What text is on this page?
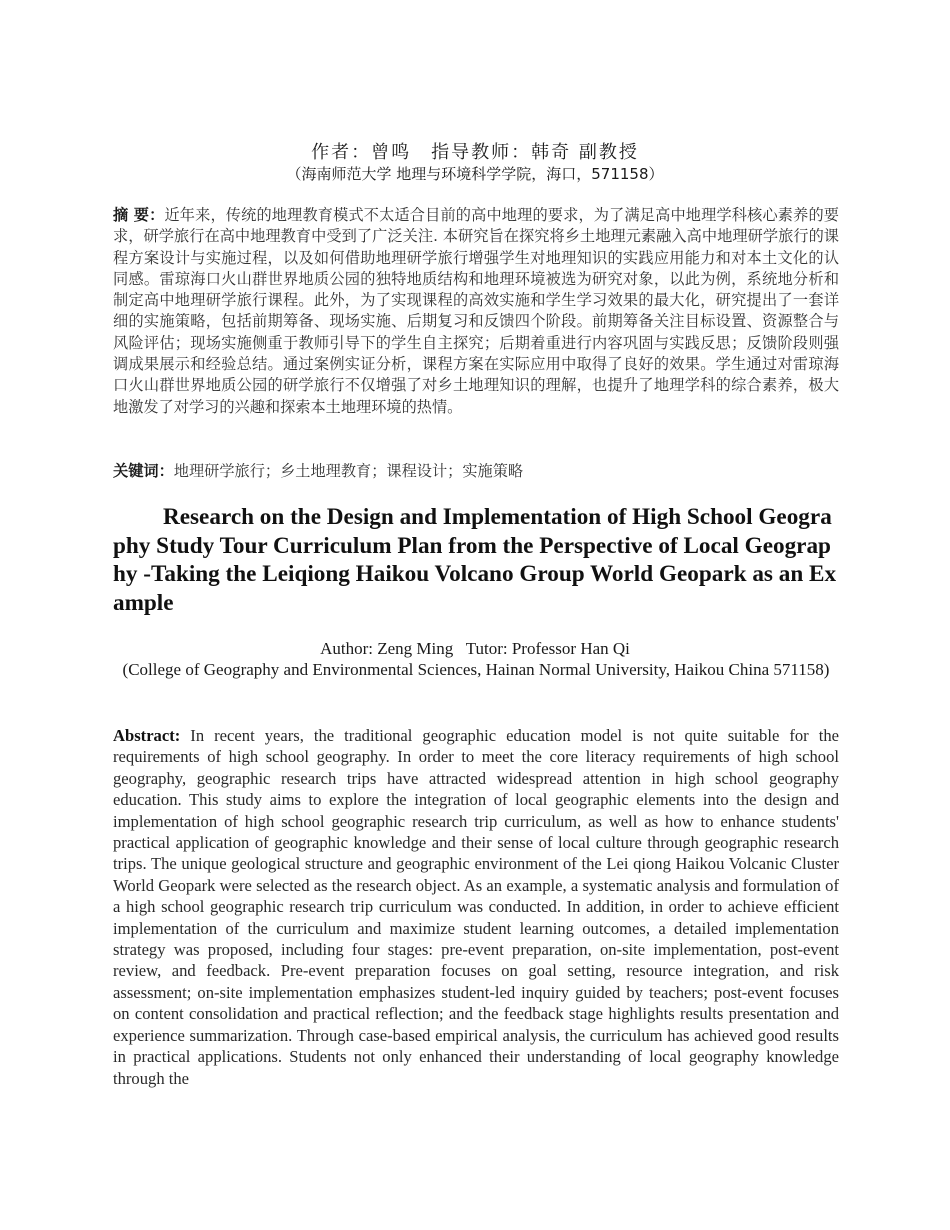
作者：曾鸣　指导教师：韩奇 副教授
（海南师范大学 地理与环境科学学院，海口，571158）

摘 要：近年来，传统的地理教育模式不太适合目前的高中地理的要求，为了满足高中地理学科核心素养的要求，研学旅行在高中地理教育中受到了广泛关注. 本研究旨在探究将乡土地理元素融入高中地理研学旅行的课程方案设计与实施过程，以及如何借助地理研学旅行增强学生对地理知识的实践应用能力和对本土文化的认同感。雷琼海口火山群世界地质公园的独特地质结构和地理环境被选为研究对象，以此为例，系统地分析和制定高中地理研学旅行课程。此外，为了实现课程的高效实施和学生学习效果的最大化，研究提出了一套详细的实施策略，包括前期筹备、现场实施、后期复习和反馈四个阶段。前期筹备关注目标设置、资源整合与风险评估；现场实施侧重于教师引导下的学生自主探究；后期着重进行内容巩固与实践反思；反馈阶段则强调成果展示和经验总结。通过案例实证分析，课程方案在实际应用中取得了良好的效果。学生通过对雷琼海口火山群世界地质公园的研学旅行不仅增强了对乡土地理知识的理解，也提升了地理学科的综合素养，极大地激发了对学习的兴趣和探索本土地理环境的热情。

关键词：地理研学旅行；乡土地理教育；课程设计；实施策略

Research on the Design and Implementation of High School Geography Study Tour Curriculum Plan from the Perspective of Local Geography -Taking the Leiqiong Haikou Volcano Group World Geopark as an Example
Author: Zeng Ming   Tutor: Professor Han Qi
(College of Geography and Environmental Sciences, Hainan Normal University, Haikou China 571158)

Abstract: In recent years, the traditional geographic education model is not quite suitable for the requirements of high school geography. In order to meet the core literacy requirements of high school geography, geographic research trips have attracted widespread attention in high school geography education. This study aims to explore the integration of local geographic elements into the design and implementation of high school geographic research trip curriculum, as well as how to enhance students' practical application of geographic knowledge and their sense of local culture through geographic research trips. The unique geological structure and geographic environment of the Lei qiong Haikou Volcanic Cluster World Geopark were selected as the research object. As an example, a systematic analysis and formulation of a high school geographic research trip curriculum was conducted. In addition, in order to achieve efficient implementation of the curriculum and maximize student learning outcomes, a detailed implementation strategy was proposed, including four stages: pre-event preparation, on-site implementation, post-event review, and feedback. Pre-event preparation focuses on goal setting, resource integration, and risk assessment; on-site implementation emphasizes student-led inquiry guided by teachers; post-event focuses on content consolidation and practical reflection; and the feedback stage highlights results presentation and experience summarization. Through case-based empirical analysis, the curriculum has achieved good results in practical applications. Students not only enhanced their understanding of local geography knowledge through the
